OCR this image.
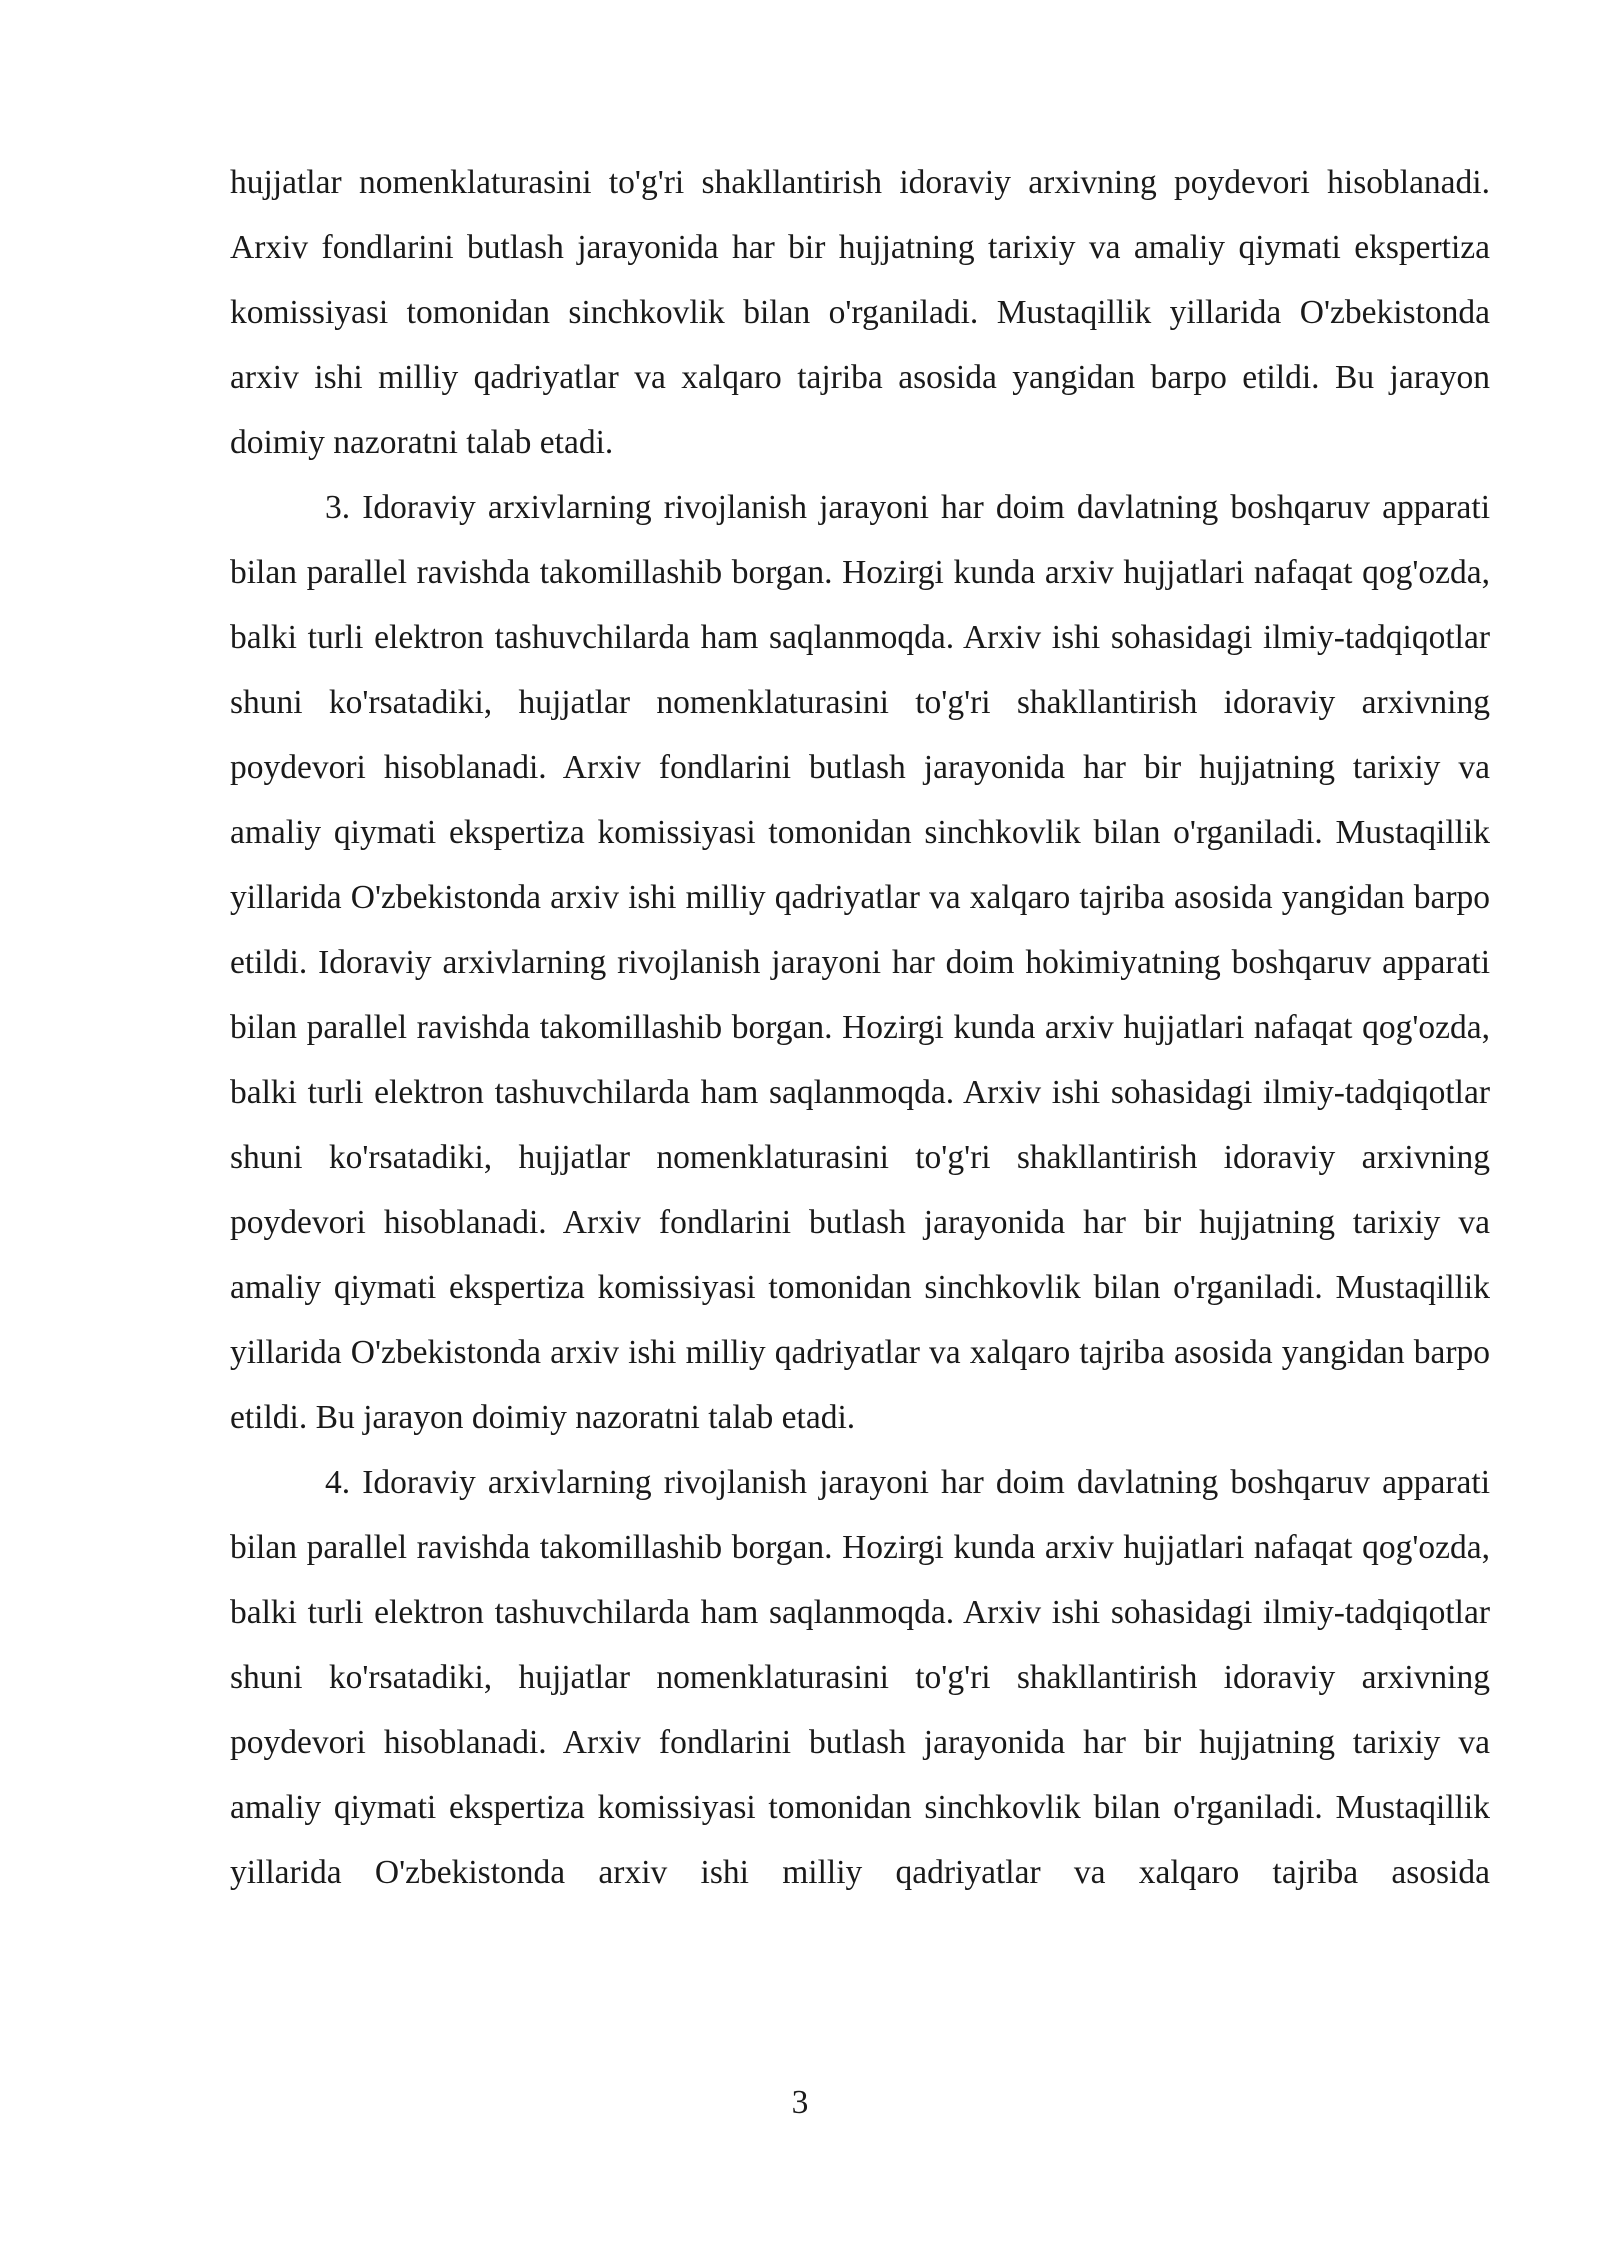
hujjatlar nomenklaturasini to'g'ri shakllantirish idoraviy arxivning poydevori hisoblanadi. Arxiv fondlarini butlash jarayonida har bir hujjatning tarixiy va amaliy qiymati ekspertiza komissiyasi tomonidan sinchkovlik bilan o'rganiladi. Mustaqillik yillarida O'zbekistonda arxiv ishi milliy qadriyatlar va xalqaro tajriba asosida yangidan barpo etildi. Bu jarayon doimiy nazoratni talab etadi.

3. Idoraviy arxivlarning rivojlanish jarayoni har doim davlatning boshqaruv apparati bilan parallel ravishda takomillashib borgan. Hozirgi kunda arxiv hujjatlari nafaqat qog'ozda, balki turli elektron tashuvchilarda ham saqlanmoqda. Arxiv ishi sohasidagi ilmiy-tadqiqotlar shuni ko'rsatadiki, hujjatlar nomenklaturasini to'g'ri shakllantirish idoraviy arxivning poydevori hisoblanadi. Arxiv fondlarini butlash jarayonida har bir hujjatning tarixiy va amaliy qiymati ekspertiza komissiyasi tomonidan sinchkovlik bilan o'rganiladi. Mustaqillik yillarida O'zbekistonda arxiv ishi milliy qadriyatlar va xalqaro tajriba asosida yangidan barpo etildi. Idoraviy arxivlarning rivojlanish jarayoni har doim hokimiyatning boshqaruv apparati bilan parallel ravishda takomillashib borgan. Hozirgi kunda arxiv hujjatlari nafaqat qog'ozda, balki turli elektron tashuvchilarda ham saqlanmoqda. Arxiv ishi sohasidagi ilmiy-tadqiqotlar shuni ko'rsatadiki, hujjatlar nomenklaturasini to'g'ri shakllantirish idoraviy arxivning poydevori hisoblanadi. Arxiv fondlarini butlash jarayonida har bir hujjatning tarixiy va amaliy qiymati ekspertiza komissiyasi tomonidan sinchkovlik bilan o'rganiladi. Mustaqillik yillarida O'zbekistonda arxiv ishi milliy qadriyatlar va xalqaro tajriba asosida yangidan barpo etildi. Bu jarayon doimiy nazoratni talab etadi.

4. Idoraviy arxivlarning rivojlanish jarayoni har doim davlatning boshqaruv apparati bilan parallel ravishda takomillashib borgan. Hozirgi kunda arxiv hujjatlari nafaqat qog'ozda, balki turli elektron tashuvchilarda ham saqlanmoqda. Arxiv ishi sohasidagi ilmiy-tadqiqotlar shuni ko'rsatadiki, hujjatlar nomenklaturasini to'g'ri shakllantirish idoraviy arxivning poydevori hisoblanadi. Arxiv fondlarini butlash jarayonida har bir hujjatning tarixiy va amaliy qiymati ekspertiza komissiyasi tomonidan sinchkovlik bilan o'rganiladi. Mustaqillik yillarida O'zbekistonda arxiv ishi milliy qadriyatlar va xalqaro tajriba asosida

3
